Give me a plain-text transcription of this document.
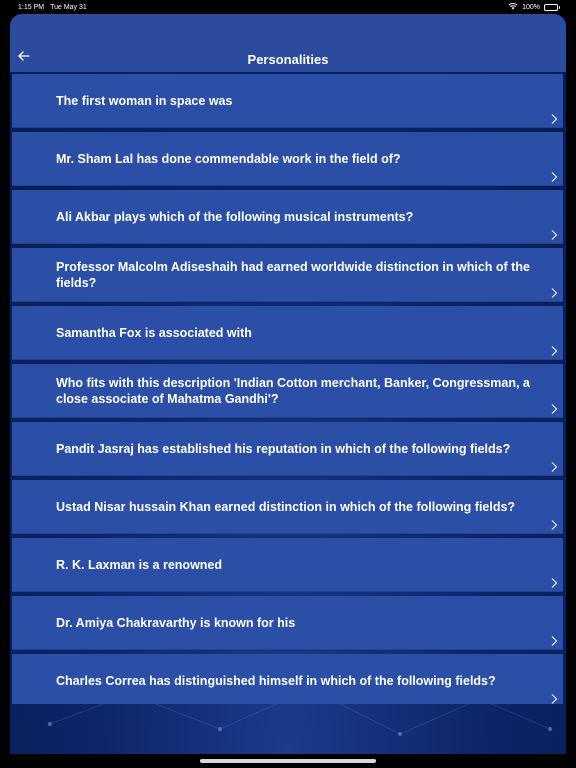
1:15 PM Tue May 31	100%
Personalities
The first woman in space was
Mr. Sham Lal has done commendable work in the field of?
Ali Akbar plays which of the following musical instruments?
Professor Malcolm Adiseshaih had earned worldwide distinction in which of the fields?
Samantha Fox is associated with
Who fits with this description 'Indian Cotton merchant, Banker, Congressman, a close associate of Mahatma Gandhi'?
Pandit Jasraj has established his reputation in which of the following fields?
Ustad Nisar hussain Khan earned distinction in which of the following fields?
R. K. Laxman is a renowned
Dr. Amiya Chakravarthy is known for his
Charles Correa has distinguished himself in which of the following fields?
